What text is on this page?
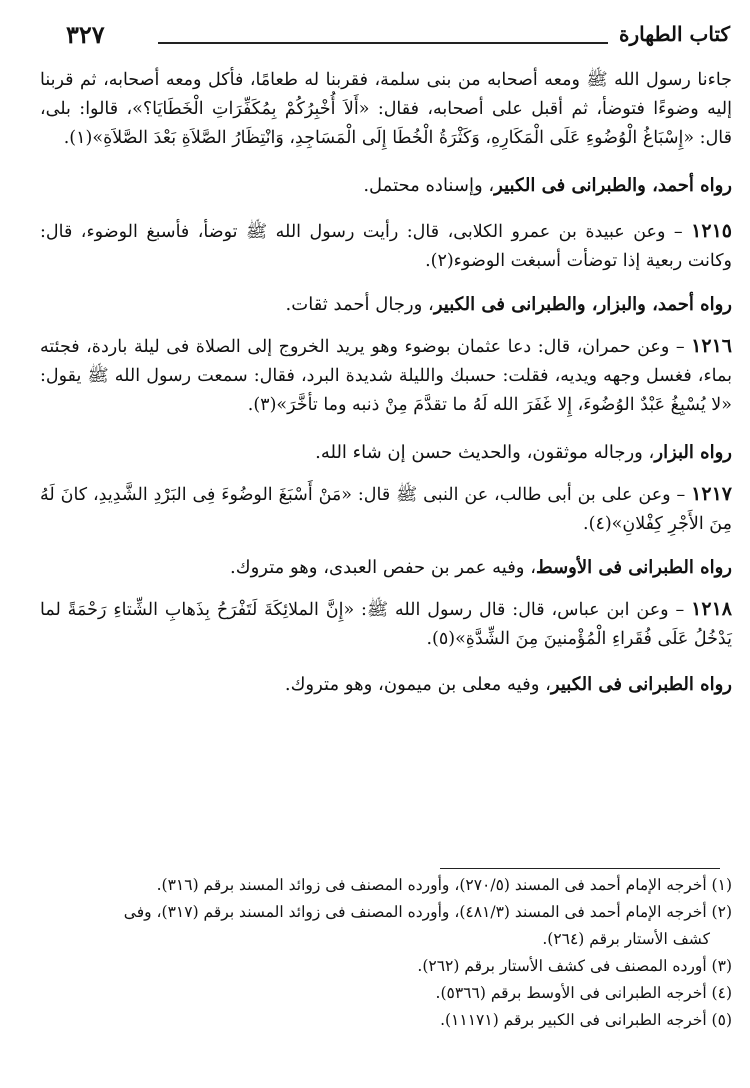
كتاب الطهارة
٣٢٧

جاءنا رسول الله ﷺ ومعه أصحابه من بنى سلمة، فقربنا له طعامًا، فأكل ومعه أصحابه، ثم قربنا إليه وضوءًا فتوضأ، ثم أقبل على أصحابه، فقال: «أَلاَ أُخْبِرُكُمْ بِمُكَفِّرَاتِ الْخَطَايَا؟»، قالوا: بلى، قال: «إِسْبَاغُ الْوُضُوءِ عَلَى الْمَكَارِهِ، وَكَثْرَةُ الْخُطَا إِلَى الْمَسَاجِدِ، وَانْتِظَارُ الصَّلاَةِ بَعْدَ الصَّلاَةِ»(١).

رواه أحمد، والطبرانى فى الكبير، وإسناده محتمل.

١٢١٥ – وعن عبيدة بن عمرو الكلابى، قال: رأيت رسول الله ﷺ توضأ، فأسبغ الوضوء، قال: وكانت ربعية إذا توضأت أسبغت الوضوء(٢).

رواه أحمد، والبزار، والطبرانى فى الكبير، ورجال أحمد ثقات.

١٢١٦ – وعن حمران، قال: دعا عثمان بوضوء وهو يريد الخروج إلى الصلاة فى ليلة باردة، فجئته بماء، فغسل وجهه ويديه، فقلت: حسبك والليلة شديدة البرد، فقال: سمعت رسول الله ﷺ يقول: «لا يُسْبِغُ عَبْدٌ الوُضُوءَ، إِلا غَفَرَ الله لَهُ ما تقدَّمَ مِنْ ذنبه وما تأخَّرَ»(٣).

رواه البزار، ورجاله موثقون، والحديث حسن إن شاء الله.

١٢١٧ – وعن على بن أبى طالب، عن النبى ﷺ قال: «مَنْ أَسْبَغَ الوضُوءَ فِى البَرْدِ الشَّدِيدِ، كانَ لَهُ مِنَ الأَجْرِ كِفْلانِ»(٤).

رواه الطبرانى فى الأوسط، وفيه عمر بن حفص العبدى، وهو متروك.

١٢١٨ – وعن ابن عباس، قال: قال رسول الله ﷺ: «إِنَّ الملائِكَةَ لَتَفْرَحُ بِذَهابِ الشِّتاءِ رَحْمَةً لما يَدْخُلُ عَلَى فُقَراءِ الْمُؤْمنينَ مِنَ الشِّدَّةِ»(٥).

رواه الطبرانى فى الكبير، وفيه معلى بن ميمون، وهو متروك.

(١) أخرجه الإمام أحمد فى المسند (٢٧٠/٥)، وأورده المصنف فى زوائد المسند برقم (٣١٦).

(٢) أخرجه الإمام أحمد فى المسند (٤٨١/٣)، وأورده المصنف فى زوائد المسند برقم (٣١٧)، وفى

كشف الأستار برقم (٢٦٤).

(٣) أورده المصنف فى كشف الأستار برقم (٢٦٢).

(٤) أخرجه الطبرانى فى الأوسط برقم (٥٣٦٦).

(٥) أخرجه الطبرانى فى الكبير برقم (١١١٧١).
